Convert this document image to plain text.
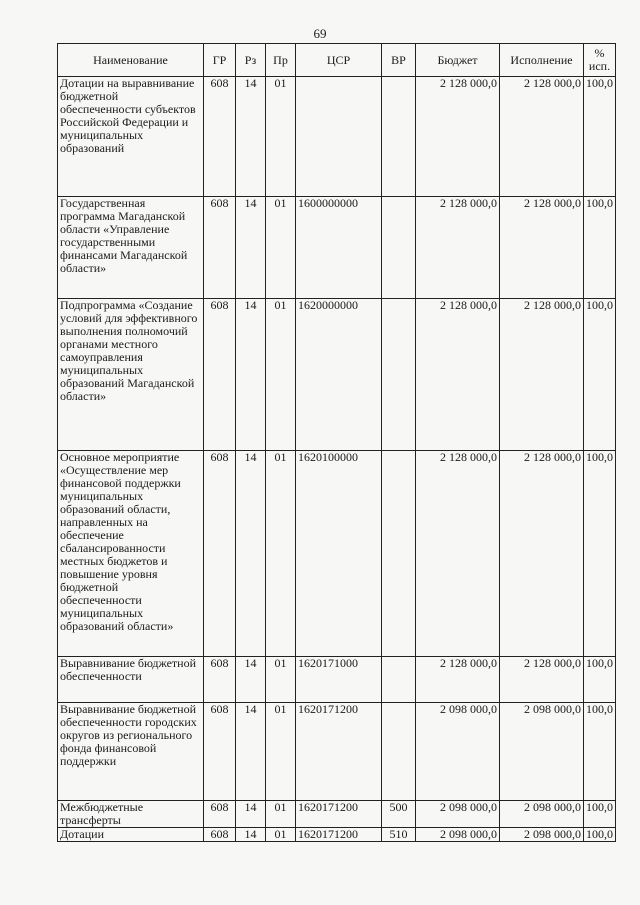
69
Наименование	ГР	Рз	Пр	ЦСР	ВР	Бюджет	Исполнение	%
исп.
Дотации на выравнивание бюджетной обеспеченности субъектов Российской Федерации и муниципальных образований	608	14	01			2 128 000,0	2 128 000,0	100,0
Государственная программа Магаданской области «Управление государственными финансами Магаданской области»	608	14	01	1600000000		2 128 000,0	2 128 000,0	100,0
Подпрограмма «Создание условий для эффективного выполнения полномочий органами местного самоуправления муниципальных образований Магаданской области»	608	14	01	1620000000		2 128 000,0	2 128 000,0	100,0
Основное мероприятие «Осуществление мер финансовой поддержки муниципальных образований области, направленных на обеспечение сбалансированности местных бюджетов и повышение уровня бюджетной обеспеченности муниципальных образований области»	608	14	01	1620100000		2 128 000,0	2 128 000,0	100,0
Выравнивание бюджетной обеспеченности	608	14	01	1620171000		2 128 000,0	2 128 000,0	100,0
Выравнивание бюджетной обеспеченности городских округов из регионального фонда финансовой поддержки	608	14	01	1620171200		2 098 000,0	2 098 000,0	100,0
Межбюджетные трансферты	608	14	01	1620171200	500	2 098 000,0	2 098 000,0	100,0
Дотации	608	14	01	1620171200	510	2 098 000,0	2 098 000,0	100,0
